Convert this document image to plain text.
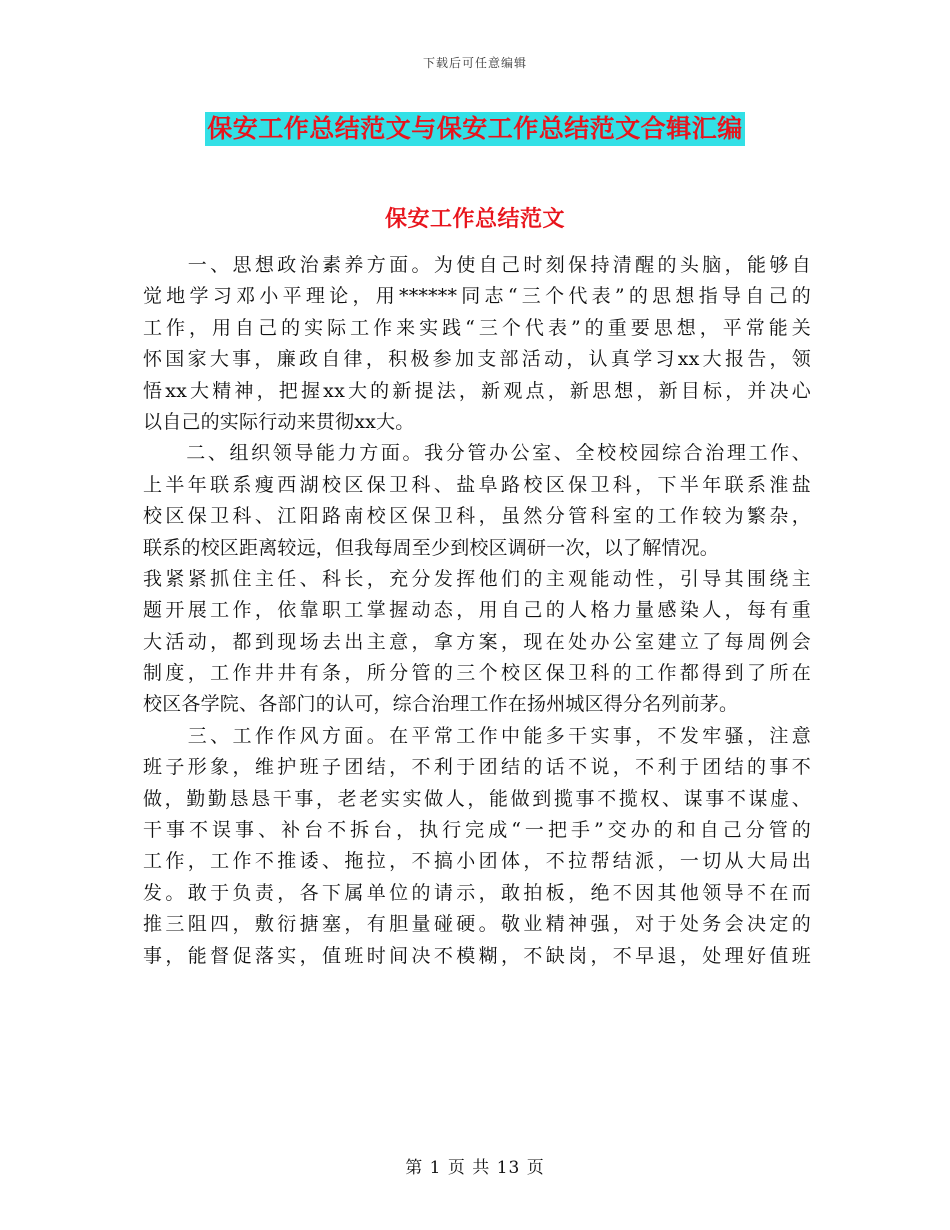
下载后可任意编辑
保安工作总结范文与保安工作总结范文合辑汇编
保安工作总结范文
　　一、思想政治素养方面。为使自己时刻保持清醒的头脑，能够自
觉地学习邓小平理论，用******同志“三个代表”的思想指导自己的
工作，用自己的实际工作来实践“三个代表”的重要思想，平常能关
怀国家大事，廉政自律，积极参加支部活动，认真学习xx大报告，领
悟xx大精神，把握xx大的新提法，新观点，新思想，新目标，并决心
以自己的实际行动来贯彻xx大。
　　二、组织领导能力方面。我分管办公室、全校校园综合治理工作、
上半年联系瘦西湖校区保卫科、盐阜路校区保卫科，下半年联系淮盐
校区保卫科、江阳路南校区保卫科，虽然分管科室的工作较为繁杂，
联系的校区距离较远，但我每周至少到校区调研一次，以了解情况。
我紧紧抓住主任、科长，充分发挥他们的主观能动性，引导其围绕主
题开展工作，依靠职工掌握动态，用自己的人格力量感染人，每有重
大活动，都到现场去出主意，拿方案，现在处办公室建立了每周例会
制度，工作井井有条，所分管的三个校区保卫科的工作都得到了所在
校区各学院、各部门的认可，综合治理工作在扬州城区得分名列前茅。
　　三、工作作风方面。在平常工作中能多干实事，不发牢骚，注意
班子形象，维护班子团结，不利于团结的话不说，不利于团结的事不
做，勤勤恳恳干事，老老实实做人，能做到揽事不揽权、谋事不谋虚、
干事不误事、补台不拆台，执行完成“一把手”交办的和自己分管的
工作，工作不推诿、拖拉，不搞小团体，不拉帮结派，一切从大局出
发。敢于负责，各下属单位的请示，敢拍板，绝不因其他领导不在而
推三阻四，敷衍搪塞，有胆量碰硬。敬业精神强，对于处务会决定的
事，能督促落实，值班时间决不模糊，不缺岗，不早退，处理好值班
第 1 页 共 13 页
